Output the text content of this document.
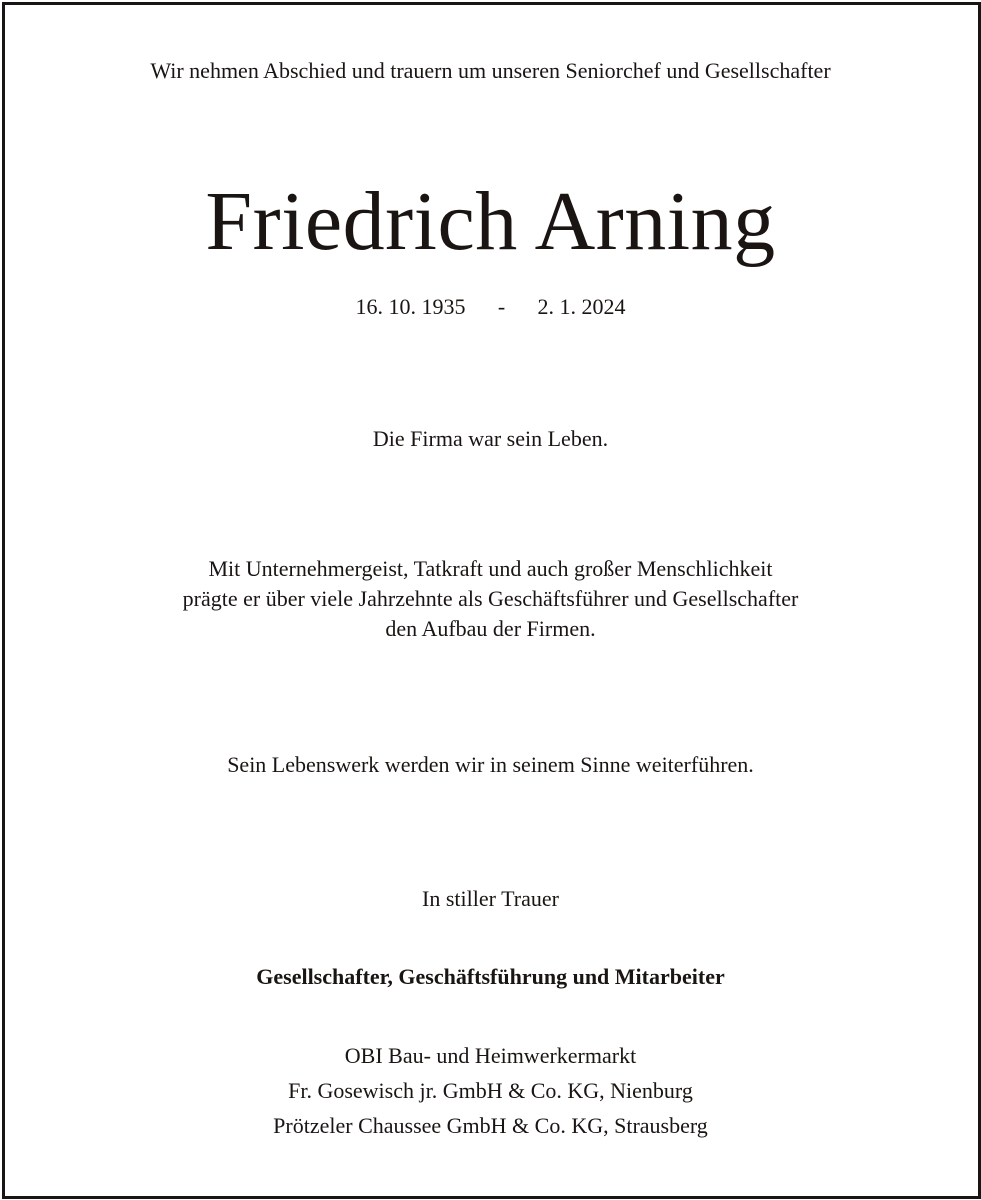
Wir nehmen Abschied und trauern um unseren Seniorchef und Gesellschafter
Friedrich Arning
16. 10. 1935 - 2. 1. 2024
Die Firma war sein Leben.
Mit Unternehmergeist, Tatkraft und auch großer Menschlichkeit
prägte er über viele Jahrzehnte als Geschäftsführer und Gesellschafter
den Aufbau der Firmen.
Sein Lebenswerk werden wir in seinem Sinne weiterführen.
In stiller Trauer
Gesellschafter, Geschäftsführung und Mitarbeiter
OBI Bau- und Heimwerkermarkt
Fr. Gosewisch jr. GmbH & Co. KG, Nienburg
Prötzeler Chaussee GmbH & Co. KG, Strausberg
